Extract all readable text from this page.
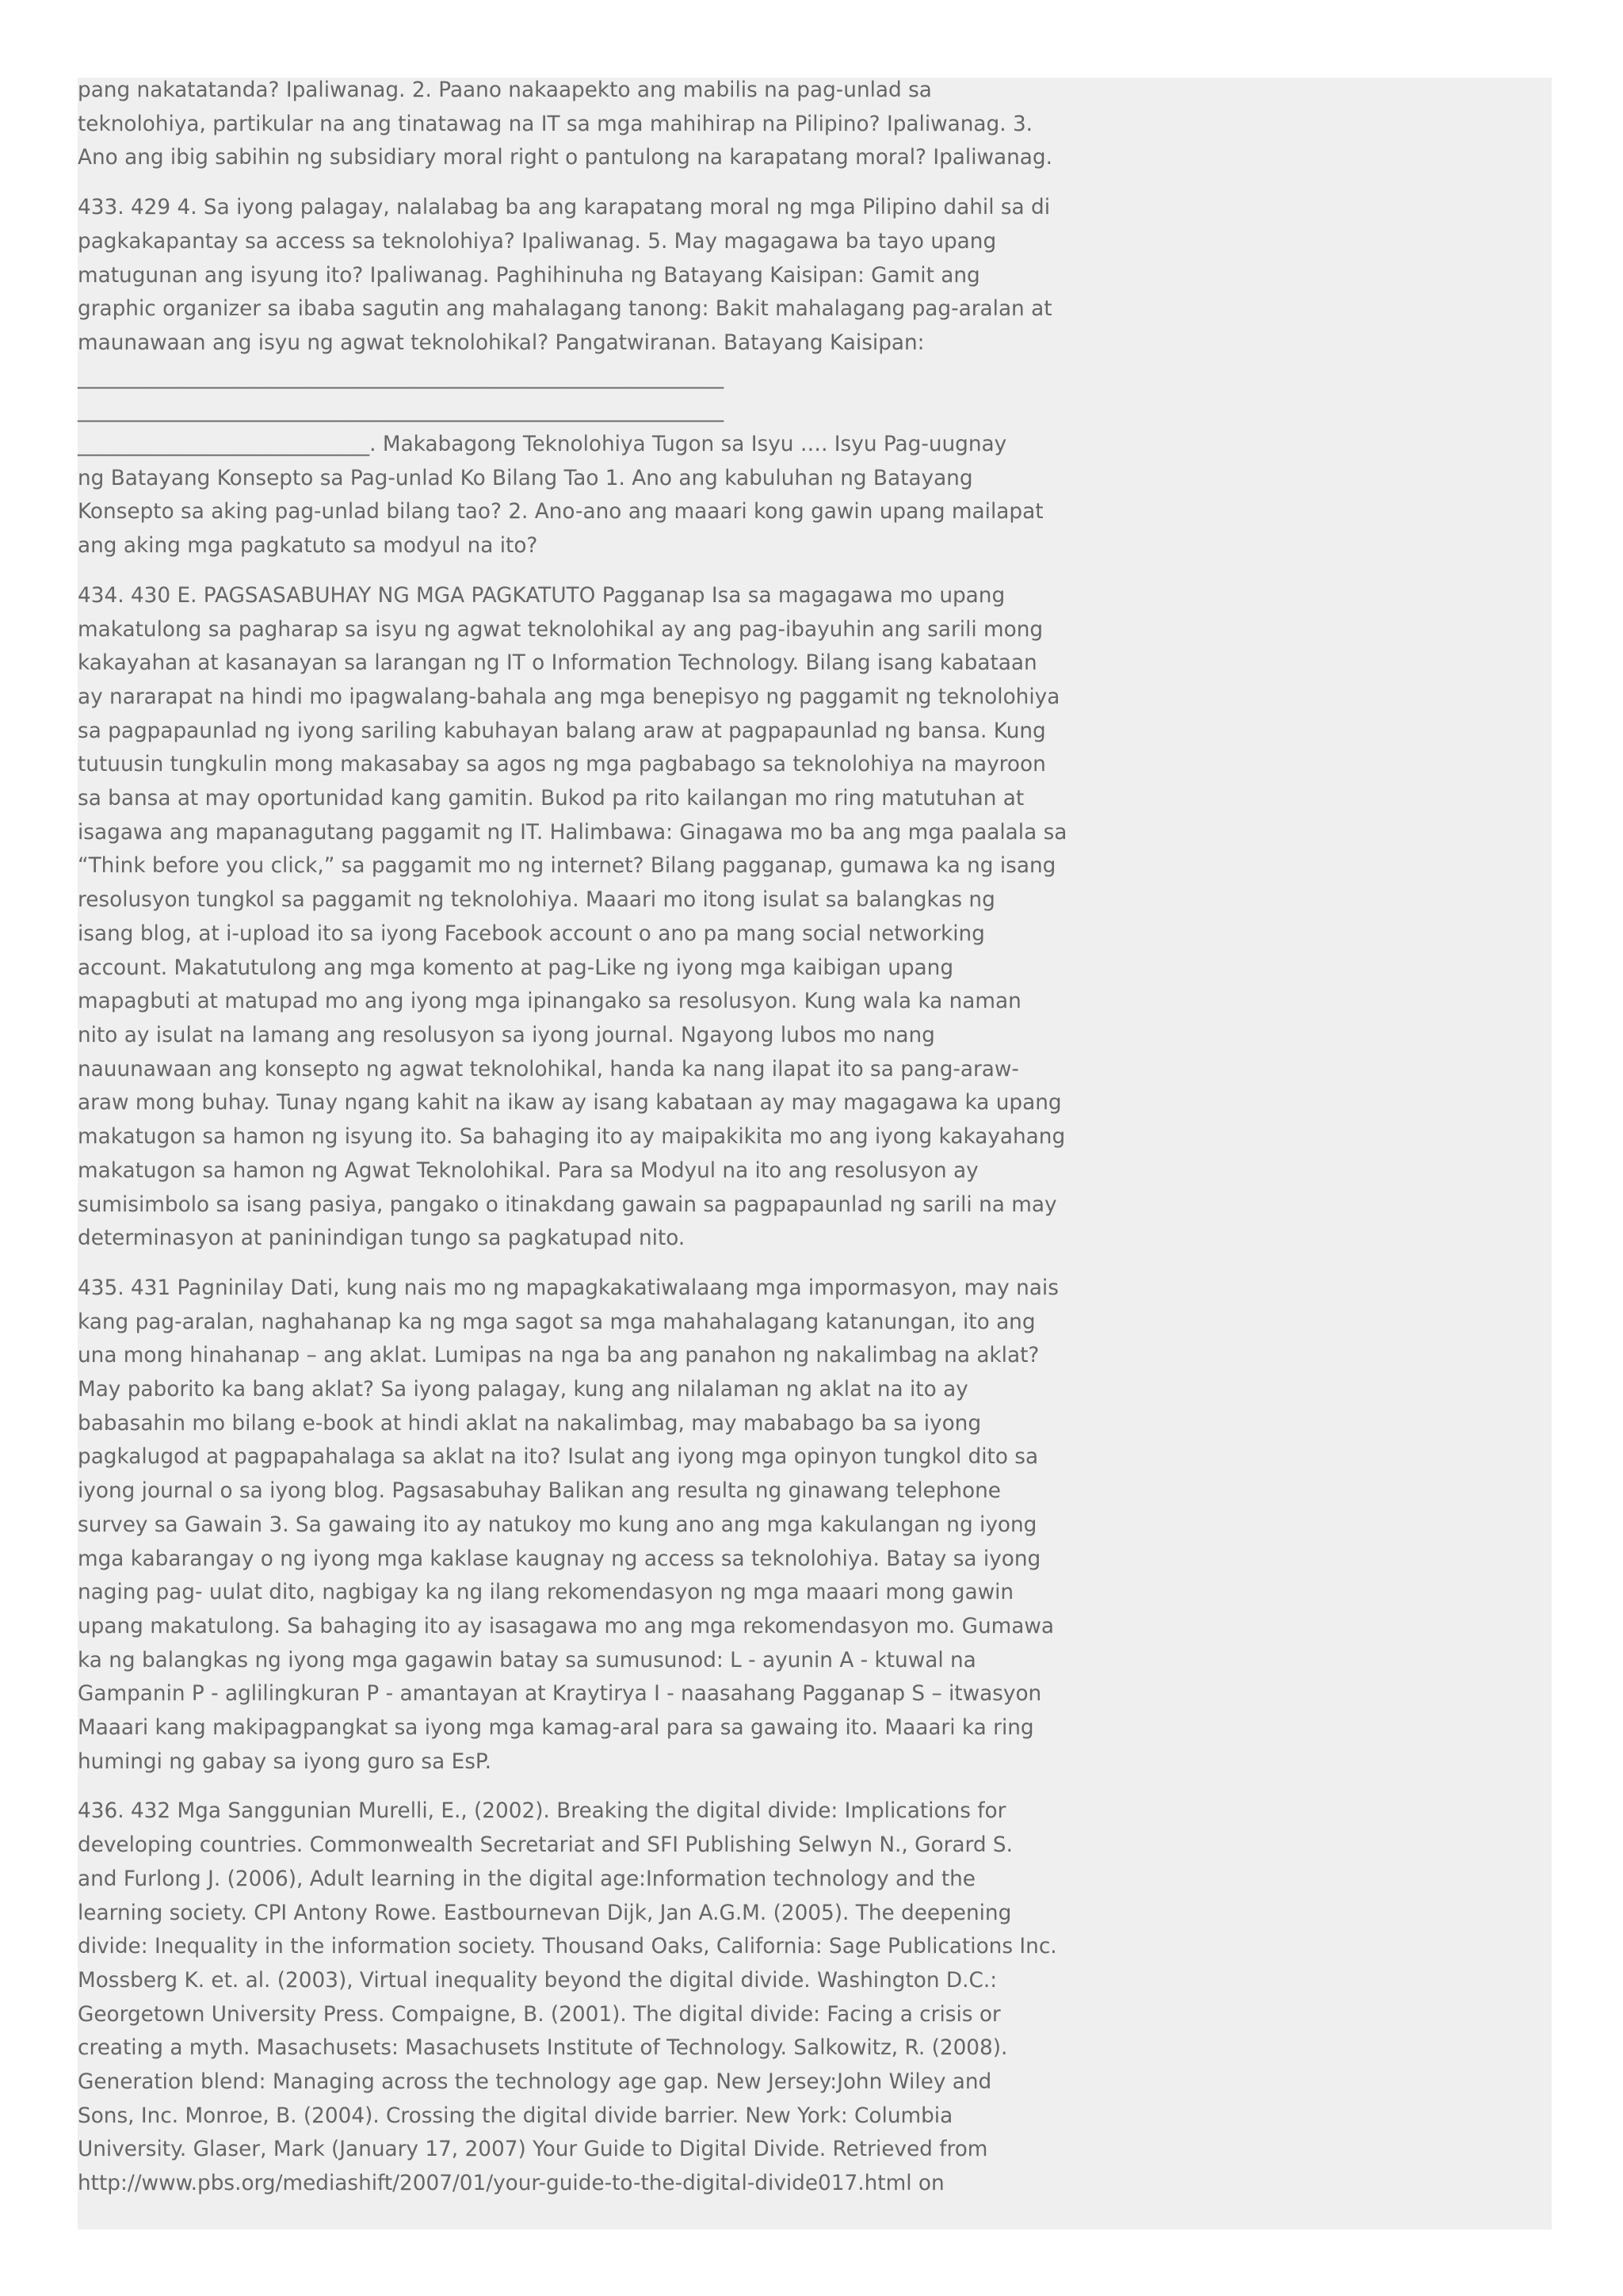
pang nakatatanda? Ipaliwanag. 2. Paano nakaapekto ang mabilis na pag-unlad sa
teknolohiya, partikular na ang tinatawag na IT sa mga mahihirap na Pilipino? Ipaliwanag. 3.
Ano ang ibig sabihin ng subsidiary moral right o pantulong na karapatang moral? Ipaliwanag.
433. 429 4. Sa iyong palagay, nalalabag ba ang karapatang moral ng mga Pilipino dahil sa di
pagkakapantay sa access sa teknolohiya? Ipaliwanag. 5. May magagawa ba tayo upang
matugunan ang isyung ito? Ipaliwanag. Paghihinuha ng Batayang Kaisipan: Gamit ang
graphic organizer sa ibaba sagutin ang mahalagang tanong: Bakit mahalagang pag-aralan at
maunawaan ang isyu ng agwat teknolohikal? Pangatwiranan. Batayang Kaisipan:
______________________________________________________________
______________________________________________________________
____________________________. Makabagong Teknolohiya Tugon sa Isyu …. Isyu Pag-uugnay
ng Batayang Konsepto sa Pag-unlad Ko Bilang Tao 1. Ano ang kabuluhan ng Batayang
Konsepto sa aking pag-unlad bilang tao? 2. Ano-ano ang maaari kong gawin upang mailapat
ang aking mga pagkatuto sa modyul na ito?
434. 430 E. PAGSASABUHAY NG MGA PAGKATUTO Pagganap Isa sa magagawa mo upang
makatulong sa pagharap sa isyu ng agwat teknolohikal ay ang pag-ibayuhin ang sarili mong
kakayahan at kasanayan sa larangan ng IT o Information Technology. Bilang isang kabataan
ay nararapat na hindi mo ipagwalang-bahala ang mga benepisyo ng paggamit ng teknolohiya
sa pagpapaunlad ng iyong sariling kabuhayan balang araw at pagpapaunlad ng bansa. Kung
tutuusin tungkulin mong makasabay sa agos ng mga pagbabago sa teknolohiya na mayroon
sa bansa at may oportunidad kang gamitin. Bukod pa rito kailangan mo ring matutuhan at
isagawa ang mapanagutang paggamit ng IT. Halimbawa: Ginagawa mo ba ang mga paalala sa
“Think before you click,” sa paggamit mo ng internet? Bilang pagganap, gumawa ka ng isang
resolusyon tungkol sa paggamit ng teknolohiya. Maaari mo itong isulat sa balangkas ng
isang blog, at i-upload ito sa iyong Facebook account o ano pa mang social networking
account. Makatutulong ang mga komento at pag-Like ng iyong mga kaibigan upang
mapagbuti at matupad mo ang iyong mga ipinangako sa resolusyon. Kung wala ka naman
nito ay isulat na lamang ang resolusyon sa iyong journal. Ngayong lubos mo nang
nauunawaan ang konsepto ng agwat teknolohikal, handa ka nang ilapat ito sa pang-araw-
araw mong buhay. Tunay ngang kahit na ikaw ay isang kabataan ay may magagawa ka upang
makatugon sa hamon ng isyung ito. Sa bahaging ito ay maipakikita mo ang iyong kakayahang
makatugon sa hamon ng Agwat Teknolohikal. Para sa Modyul na ito ang resolusyon ay
sumisimbolo sa isang pasiya, pangako o itinakdang gawain sa pagpapaunlad ng sarili na may
determinasyon at paninindigan tungo sa pagkatupad nito.
435. 431 Pagninilay Dati, kung nais mo ng mapagkakatiwalaang mga impormasyon, may nais
kang pag-aralan, naghahanap ka ng mga sagot sa mga mahahalagang katanungan, ito ang
una mong hinahanap – ang aklat. Lumipas na nga ba ang panahon ng nakalimbag na aklat?
May paborito ka bang aklat? Sa iyong palagay, kung ang nilalaman ng aklat na ito ay
babasahin mo bilang e-book at hindi aklat na nakalimbag, may mababago ba sa iyong
pagkalugod at pagpapahalaga sa aklat na ito? Isulat ang iyong mga opinyon tungkol dito sa
iyong journal o sa iyong blog. Pagsasabuhay Balikan ang resulta ng ginawang telephone
survey sa Gawain 3. Sa gawaing ito ay natukoy mo kung ano ang mga kakulangan ng iyong
mga kabarangay o ng iyong mga kaklase kaugnay ng access sa teknolohiya. Batay sa iyong
naging pag- uulat dito, nagbigay ka ng ilang rekomendasyon ng mga maaari mong gawin
upang makatulong. Sa bahaging ito ay isasagawa mo ang mga rekomendasyon mo. Gumawa
ka ng balangkas ng iyong mga gagawin batay sa sumusunod: L - ayunin A - ktuwal na
Gampanin P - aglilingkuran P - amantayan at Kraytirya I - naasahang Pagganap S – itwasyon
Maaari kang makipagpangkat sa iyong mga kamag-aral para sa gawaing ito. Maaari ka ring
humingi ng gabay sa iyong guro sa EsP.
436. 432 Mga Sanggunian Murelli, E., (2002). Breaking the digital divide: Implications for
developing countries. Commonwealth Secretariat and SFI Publishing Selwyn N., Gorard S.
and Furlong J. (2006), Adult learning in the digital age:Information technology and the
learning society. CPI Antony Rowe. Eastbournevan Dijk, Jan A.G.M. (2005). The deepening
divide: Inequality in the information society. Thousand Oaks, California: Sage Publications Inc.
Mossberg K. et. al. (2003), Virtual inequality beyond the digital divide. Washington D.C.:
Georgetown University Press. Compaigne, B. (2001). The digital divide: Facing a crisis or
creating a myth. Masachusets: Masachusets Institute of Technology. Salkowitz, R. (2008).
Generation blend: Managing across the technology age gap. New Jersey:John Wiley and
Sons, Inc. Monroe, B. (2004). Crossing the digital divide barrier. New York: Columbia
University. Glaser, Mark (January 17, 2007) Your Guide to Digital Divide. Retrieved from
http://www.pbs.org/mediashift/2007/01/your-guide-to-the-digital-divide017.html on
